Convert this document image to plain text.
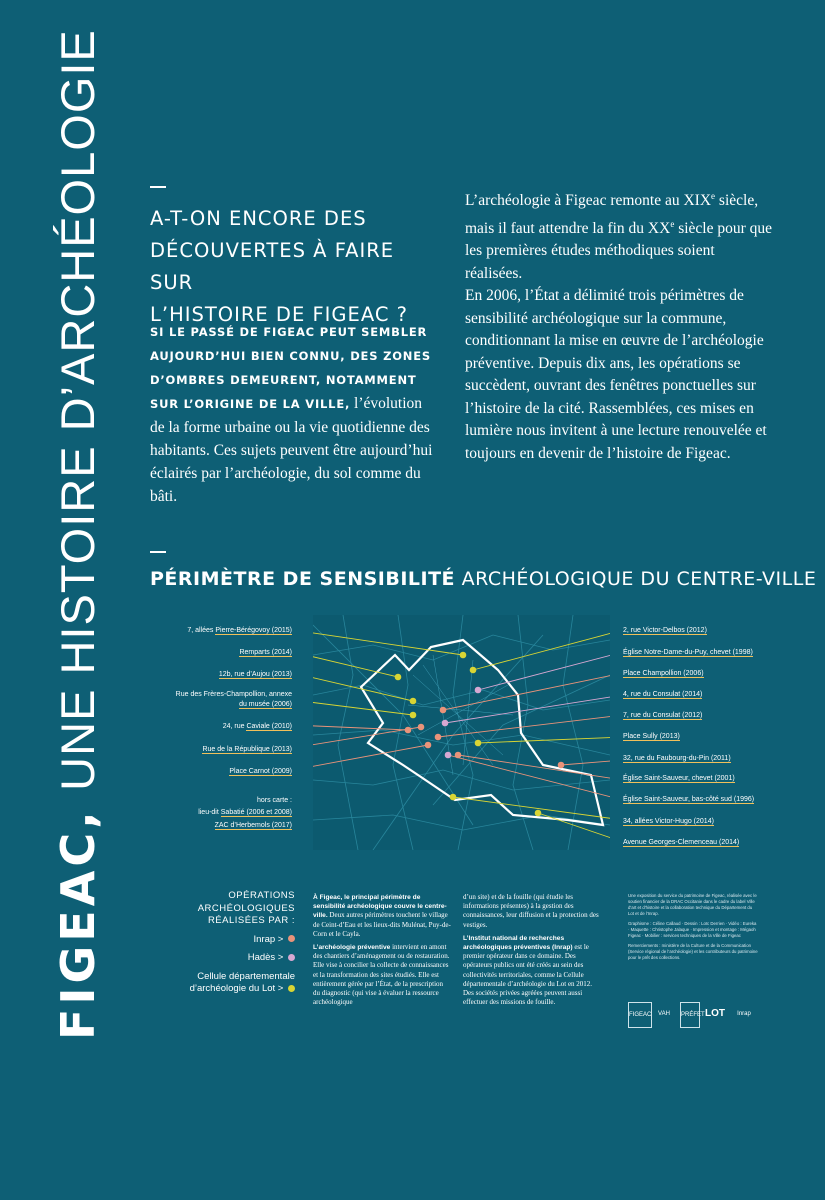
FIGEAC, UNE HISTOIRE D’ARCHÉOLOGIE A-T-ON ENCORE DES
DÉCOUVERTES À FAIRE SUR
L’HISTOIRE DE FIGEAC ?
SI LE PASSÉ DE FIGEAC PEUT SEMBLER AUJOURD’HUI BIEN CONNU, DES ZONES D’OMBRES DEMEURENT, NOTAMMENT SUR L’ORIGINE DE LA VILLE, l’évolution de la forme urbaine ou la vie quotidienne des habitants. Ces sujets peuvent être aujourd’hui éclairés par l’archéologie, du sol comme du bâti.

L’archéologie à Figeac remonte au XIXe siècle, mais il faut attendre la fin du XXe siècle pour que les premières études méthodiques soient réalisées.

En 2006, l’État a délimité trois périmètres de sensibilité archéologique sur la commune, conditionnant la mise en œuvre de l’archéologie préventive. Depuis dix ans, les opérations se succèdent, ouvrant des fenêtres ponctuelles sur l’histoire de la cité. Rassemblées, ces mises en lumière nous invitent à une lecture renouvelée et toujours en devenir de l’histoire de Figeac.

PÉRIMÈTRE DE SENSIBILITÉ ARCHÉOLOGIQUE DU CENTRE-VILLE
7, allées Pierre-Bérégovoy (2015)
Remparts (2014)
12b, rue d’Aujou (2013)
Rue des Frères-Champollion, annexe
du musée (2006)
24, rue Caviale (2010)
Rue de la République (2013)
Place Carnot (2009)
hors carte :
lieu-dit Sabatié (2006 et 2008)
ZAC d’Herbemols (2017)
2, rue Victor-Delbos (2012)
Église Notre-Dame-du-Puy, chevet (1998)
Place Champollion (2006)
4, rue du Consulat (2014)
7, rue du Consulat (2012)
Place Sully (2013)
32, rue du Faubourg-du-Pin (2011)
Église Saint-Sauveur, chevet (2001)
Église Saint-Sauveur, bas-côté sud (1996)
34, allées Victor-Hugo (2014)
Avenue Georges-Clemenceau (2014)
OPÉRATIONS
ARCHÉOLOGIQUES
RÉALISÉES PAR :
Inrap >
Hadès >
Cellule départementale
d’archéologie du Lot >

À Figeac, le principal périmètre de sensibilité archéologique couvre le centre-ville. Deux autres périmètres touchent le village de Ceint-d’Eau et les lieux-dits Mulénat, Puy-de-Corn et le Cayla.

L’archéologie préventive intervient en amont des chantiers d’aménagement ou de restauration. Elle vise à concilier la collecte de connaissances et la transformation des sites étudiés. Elle est entièrement gérée par l’État, de la prescription du diagnostic (qui vise à évaluer la ressource archéologique

d’un site) et de la fouille (qui étudie les informations présentes) à la gestion des connaissances, leur diffusion et la protection des vestiges.

L’Institut national de recherches archéologiques préventives (Inrap) est le premier opérateur dans ce domaine. Des opérateurs publics ont été créés au sein des collectivités territoriales, comme la Cellule départementale d’archéologie du Lot en 2012. Des sociétés privées agréées peuvent aussi effectuer des missions de fouille.

Une exposition du service du patrimoine de Figeac, réalisée avec le soutien financier de la DRAC Occitanie dans le cadre du label Ville d’art et d’histoire et la collaboration technique du Département du Lot et de l’Inrap.

Graphisme : Céline Callaud · Dessin : Loïc Derrien · Vidéo : Eureka · Maquette : Christophe Jalaque · Impression et montage : Mégaoh Figeac · Mobilier : services techniques de la Ville de Figeac

Remerciements : ministère de la Culture et de la Communication (Service régional de l’archéologie) et les contributeurs du patrimoine pour le prêt des collections.

FIGEAC	VAH	PRÉFET LOT	Inrap
